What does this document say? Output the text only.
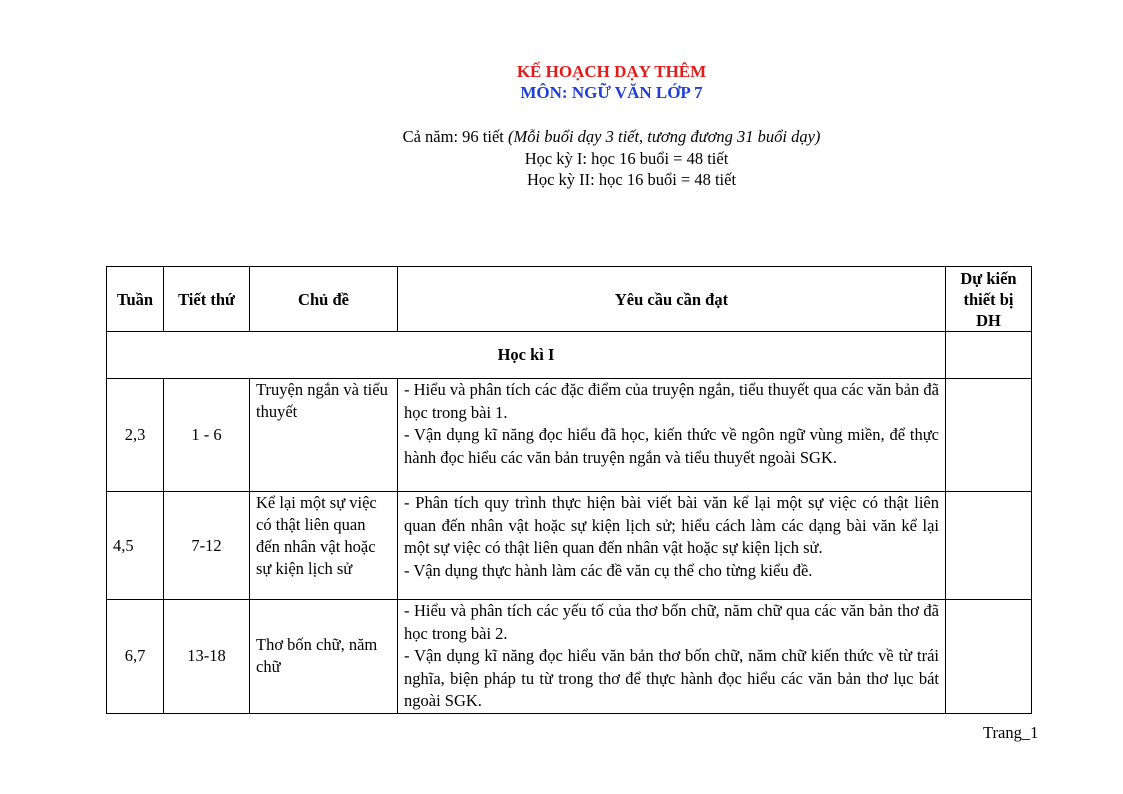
KẾ HOẠCH DẠY THÊM
MÔN: NGỮ VĂN LỚP 7
Cả năm: 96 tiết (Mỗi buổi dạy 3 tiết, tương đương 31 buổi dạy)
Học kỳ I: học 16 buổi = 48 tiết
Học kỳ II: học 16 buổi = 48 tiết
Tuần	Tiết thứ	Chủ đề	Yêu cầu cần đạt	Dự kiến thiết bị DH
Học kì I				
2,3	1 - 6	Truyện ngắn và tiểu thuyết	- Hiểu và phân tích các đặc điểm của truyện ngắn, tiểu thuyết qua các văn bản đã học trong bài 1.
- Vận dụng kĩ năng đọc hiểu đã học, kiến thức về ngôn ngữ vùng miền, để thực hành đọc hiểu các văn bản truyện ngắn và tiểu thuyết ngoài SGK.	

4,5	7-12	Kể lại một sự việc có thật liên quan đến nhân vật hoặc sự kiện lịch sử	- Phân tích quy trình thực hiện bài viết bài văn kể lại một sự việc có thật liên quan đến nhân vật hoặc sự kiện lịch sử; hiểu cách làm các dạng bài văn kể lại một sự việc có thật liên quan đến nhân vật hoặc sự kiện lịch sử.
- Vận dụng thực hành làm các đề văn cụ thể cho từng kiểu đề.	

6,7	13-18	Thơ bốn chữ, năm chữ	- Hiểu và phân tích các yếu tố của thơ bốn chữ, năm chữ qua các văn bản thơ đã học trong bài 2.
- Vận dụng kĩ năng đọc hiểu văn bản thơ bốn chữ, năm chữ kiến thức về từ trái nghĩa, biện pháp tu từ trong thơ để thực hành đọc hiểu các văn bản thơ lục bát ngoài SGK.	

Trang_1
